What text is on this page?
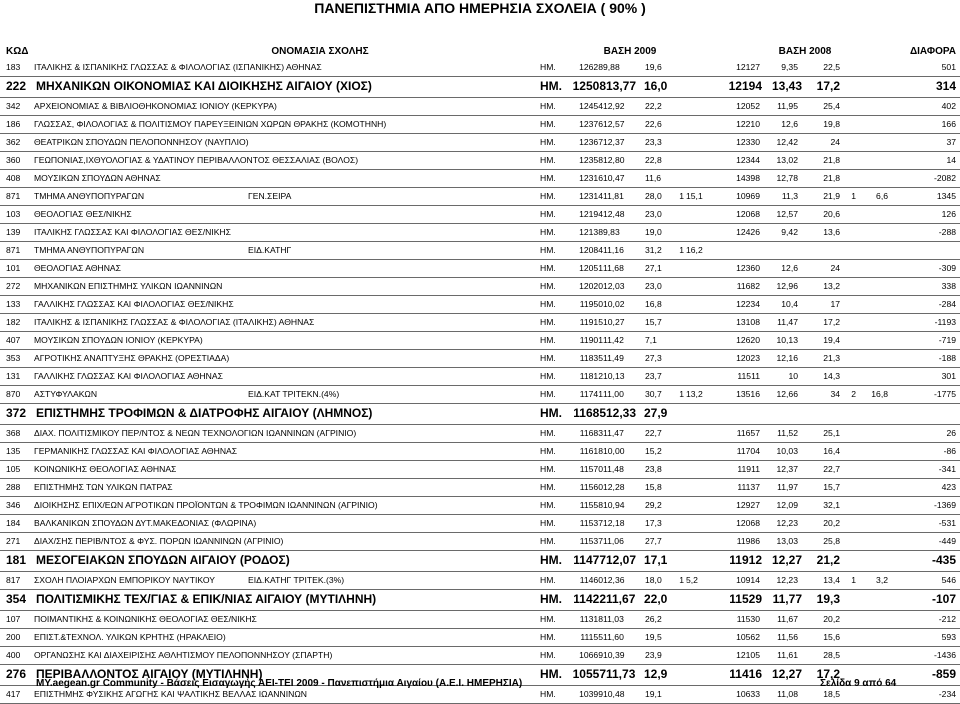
ΠΑΝΕΠΙΣΤΗΜΙΑ ΑΠΟ ΗΜΕΡΗΣΙΑ ΣΧΟΛΕΙΑ ( 90% )
ΚΩΔ	ΟΝΟΜΑΣΙΑ ΣΧΟΛΗΣ	ΒΑΣΗ 2009	ΒΑΣΗ 2008	ΔΙΑΦΟΡΑ
183	ΙΤΑΛΙΚΗΣ & ΙΣΠΑΝΙΚΗΣ ΓΛΩΣΣΑΣ & ΦΙΛΟΛΟΓΙΑΣ (ΙΣΠΑΝΙΚΗΣ) ΑΘΗΝΑΣ	ΗΜ.	12628 9,88	19,6	12127	9,35	22,5	501
222 ΜΗΧΑΝΙΚΩΝ ΟΙΚΟΝΟΜΙΑΣ ΚΑΙ ΔΙΟΙΚΗΣΗΣ ΑΙΓΑΙΟΥ (ΧΙΟΣ)	ΗΜ. 12508 13,77 16,0	12194 13,43	17,2	314
342	ΑΡΧΕΙΟΝΟΜΙΑΣ & ΒΙΒΛΙΟΘΗΚΟΝΟΜΙΑΣ ΙΟΝΙΟΥ (ΚΕΡΚΥΡΑ)	ΗΜ.	12454 12,92	22,2	12052	11,95	25,4	402
186	ΓΛΩΣΣΑΣ, ΦΙΛΟΛΟΓΙΑΣ & ΠΟΛΙΤΙΣΜΟΥ ΠΑΡΕΥΞΕΙΝΙΩΝ ΧΩΡΩΝ ΘΡΑΚΗΣ (ΚΟΜΟΤΗΝΗ)	ΗΜ.	12376 12,57	22,6	12210	12,6	19,8	166
362	ΘΕΑΤΡΙΚΩΝ ΣΠΟΥΔΩΝ ΠΕΛΟΠΟΝΝΗΣΟΥ (ΝΑΥΠΛΙΟ)	ΗΜ.	12367 12,37	23,3	12330	12,42	24	37
360	ΓΕΩΠΟΝΙΑΣ,ΙΧΘΥΟΛΟΓΙΑΣ & ΥΔΑΤΙΝΟΥ ΠΕΡΙΒΑΛΛΟΝΤΟΣ ΘΕΣΣΑΛΙΑΣ (ΒΟΛΟΣ)	ΗΜ.	12358 12,80	22,8	12344	13,02	21,8	14
408	ΜΟΥΣΙΚΩΝ ΣΠΟΥΔΩΝ ΑΘΗΝΑΣ	ΗΜ.	12316 10,47	11,6	14398	12,78	21,8	-2082
871	ΤΜΗΜΑ ΑΝΘΥΠΟΠΥΡΑΓΩΝ	ΓΕΝ.ΣΕΙΡΑ	ΗΜ.	12314 11,81	28,0	1 15,1	10969	11,3	21,9	1	6,6	1345
103	ΘΕΟΛΟΓΙΑΣ ΘΕΣ/ΝΙΚΗΣ	ΗΜ.	12194 12,48	23,0	12068	12,57	20,6	126
139	ΙΤΑΛΙΚΗΣ ΓΛΩΣΣΑΣ ΚΑΙ ΦΙΛΟΛΟΓΙΑΣ ΘΕΣ/ΝΙΚΗΣ	ΗΜ.	12138 9,83	19,0	12426	9,42	13,6	-288
871	ΤΜΗΜΑ ΑΝΘΥΠΟΠΥΡΑΓΩΝ	ΕΙΔ.ΚΑΤΗΓ	ΗΜ.	12084 11,16	31,2	1 16,2
101	ΘΕΟΛΟΓΙΑΣ ΑΘΗΝΑΣ	ΗΜ.	12051 11,68	27,1	12360	12,6	24	-309
272	ΜΗΧΑΝΙΚΩΝ ΕΠΙΣΤΗΜΗΣ ΥΛΙΚΩΝ ΙΩΑΝΝΙΝΩΝ	ΗΜ.	12020 12,03	23,0	11682	12,96	13,2	338
133	ΓΑΛΛΙΚΗΣ ΓΛΩΣΣΑΣ ΚΑΙ ΦΙΛΟΛΟΓΙΑΣ ΘΕΣ/ΝΙΚΗΣ	ΗΜ.	11950 10,02	16,8	12234	10,4	17	-284
182	ΙΤΑΛΙΚΗΣ & ΙΣΠΑΝΙΚΗΣ ΓΛΩΣΣΑΣ & ΦΙΛΟΛΟΓΙΑΣ (ΙΤΑΛΙΚΗΣ) ΑΘΗΝΑΣ	ΗΜ.	11915 10,27	15,7	13108	11,47	17,2	-1193
407	ΜΟΥΣΙΚΩΝ ΣΠΟΥΔΩΝ ΙΟΝΙΟΥ (ΚΕΡΚΥΡΑ)	ΗΜ.	11901 11,42	7,1	12620	10,13	19,4	-719
353	ΑΓΡΟΤΙΚΗΣ ΑΝΑΠΤΥΞΗΣ ΘΡΑΚΗΣ (ΟΡΕΣΤΙΑΔΑ)	ΗΜ.	11835 11,49	27,3	12023	12,16	21,3	-188
131	ΓΑΛΛΙΚΗΣ ΓΛΩΣΣΑΣ ΚΑΙ ΦΙΛΟΛΟΓΙΑΣ ΑΘΗΝΑΣ	ΗΜ.	11812 10,13	23,7	11511	10	14,3	301
870	ΑΣΤΥΦΥΛΑΚΩΝ	ΕΙΔ.ΚΑΤ ΤΡΙΤΕΚΝ.(4%)	ΗΜ.	11741 11,00	30,7	1 13,2	13516	12,66	34	2	16,8	-1775
372 ΕΠΙΣΤΗΜΗΣ ΤΡΟΦΙΜΩΝ & ΔΙΑΤΡΟΦΗΣ ΑΙΓΑΙΟΥ (ΛΗΜΝΟΣ)	ΗΜ. 11685 12,33 27,9
368	ΔΙΑΧ. ΠΟΛΙΤΙΣΜΙΚΟΥ ΠΕΡ/ΝΤΟΣ & ΝΕΩΝ ΤΕΧΝΟΛΟΓΙΩΝ ΙΩΑΝΝΙΝΩΝ (ΑΓΡΙΝΙΟ)	ΗΜ.	11683 11,47	22,7	11657	11,52	25,1	26
135	ΓΕΡΜΑΝΙΚΗΣ ΓΛΩΣΣΑΣ ΚΑΙ ΦΙΛΟΛΟΓΙΑΣ ΑΘΗΝΑΣ	ΗΜ.	11618 10,00	15,2	11704	10,03	16,4	-86
105	ΚΟΙΝΩΝΙΚΗΣ ΘΕΟΛΟΓΙΑΣ ΑΘΗΝΑΣ	ΗΜ.	11570 11,48	23,8	11911	12,37	22,7	-341
288	ΕΠΙΣΤΗΜΗΣ ΤΩΝ ΥΛΙΚΩΝ ΠΑΤΡΑΣ	ΗΜ.	11560 12,28	15,8	11137	11,97	15,7	423
346	ΔΙΟΙΚΗΣΗΣ ΕΠΙΧ/ΕΩΝ ΑΓΡΟΤΙΚΩΝ ΠΡΟΪΟΝΤΩΝ & ΤΡΟΦΙΜΩΝ ΙΩΑΝΝΙΝΩΝ (ΑΓΡΙΝΙΟ)	ΗΜ.	11558 10,94	29,2	12927	12,09	32,1	-1369
184	ΒΑΛΚΑΝΙΚΩΝ ΣΠΟΥΔΩΝ ΔΥΤ.ΜΑΚΕΔΟΝΙΑΣ (ΦΛΩΡΙΝΑ)	ΗΜ.	11537 12,18	17,3	12068	12,23	20,2	-531
271	ΔΙΑΧ/ΣΗΣ ΠΕΡΙΒ/ΝΤΟΣ & ΦΥΣ. ΠΟΡΩΝ ΙΩΑΝΝΙΝΩΝ (ΑΓΡΙΝΙΟ)	ΗΜ.	11537 11,06	27,7	11986	13,03	25,8	-449
181 ΜΕΣΟΓΕΙΑΚΩΝ ΣΠΟΥΔΩΝ ΑΙΓΑΙΟΥ (ΡΟΔΟΣ)	ΗΜ. 11477 12,07 17,1	11912 12,27	21,2	-435
817	ΣΧΟΛΗ ΠΛΟΙΑΡΧΩΝ ΕΜΠΟΡΙΚΟΥ ΝΑΥΤΙΚΟΥ	ΕΙΔ.ΚΑΤΗΓ ΤΡΙΤΕΚ.(3%)	ΗΜ.	11460 12,36	18,0	1 5,2	10914	12,23	13,4	1	3,2	546
354 ΠΟΛΙΤΙΣΜΙΚΗΣ ΤΕΧ/ΓΙΑΣ & ΕΠΙΚ/ΝΙΑΣ ΑΙΓΑΙΟΥ (ΜΥΤΙΛΗΝΗ)	ΗΜ. 11422 11,67 22,0	11529 11,77	19,3	-107
107	ΠΟΙΜΑΝΤΙΚΗΣ & ΚΟΙΝΩΝΙΚΗΣ ΘΕΟΛΟΓΙΑΣ ΘΕΣ/ΝΙΚΗΣ	ΗΜ.	11318 11,03	26,2	11530	11,67	20,2	-212
200	ΕΠΙΣΤ.&ΤΕΧΝΟΛ. ΥΛΙΚΩΝ ΚΡΗΤΗΣ (ΗΡΑΚΛΕΙΟ)	ΗΜ.	11155 11,60	19,5	10562	11,56	15,6	593
400	ΟΡΓΑΝΩΣΗΣ ΚΑΙ ΔΙΑΧΕΙΡΙΣΗΣ ΑΘΛΗΤΙΣΜΟΥ ΠΕΛΟΠΟΝΝΗΣΟΥ (ΣΠΑΡΤΗ)	ΗΜ.	10669 10,39	23,9	12105	11,61	28,5	-1436
276 ΠΕΡΙΒΑΛΛΟΝΤΟΣ ΑΙΓΑΙΟΥ (ΜΥΤΙΛΗΝΗ)	ΗΜ. 10557 11,73 12,9	11416 12,27	17,2	-859
417	ΕΠΙΣΤΗΜΗΣ ΦΥΣΙΚΗΣ ΑΓΩΓΗΣ ΚΑΙ ΨΑΛΤΙΚΗΣ ΒΕΛΛΑΣ ΙΩΑΝΝΙΝΩΝ	ΗΜ.	10399 10,48	19,1	10633	11,08	18,5	-234
MY.aegean.gr Community - Βάσεις Εισαγωγής ΑΕΙ-ΤΕΙ 2009 - Πανεπιστήμια Αιγαίου (Α.Ε.Ι. ΗΜΕΡΗΣΙΑ)	Σελίδα 9 από 64
